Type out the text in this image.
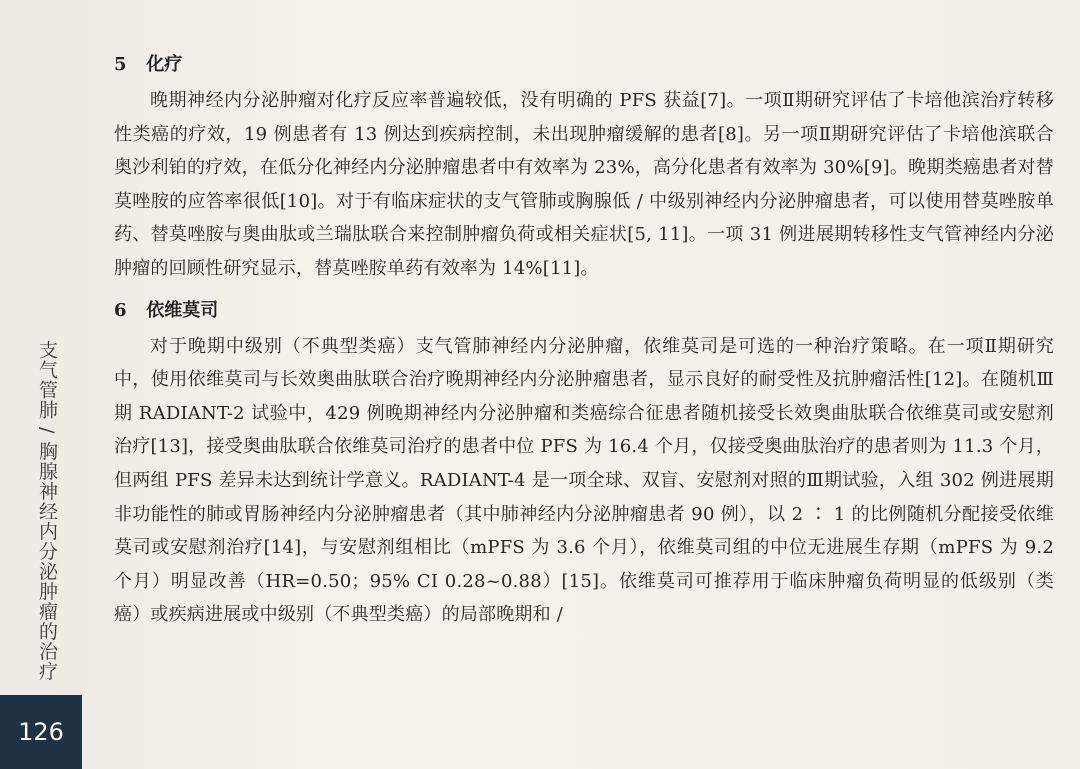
支气管肺 / 胸腺神经内分泌肿瘤的治疗
126
5 化疗

晚期神经内分泌肿瘤对化疗反应率普遍较低，没有明确的 PFS 获益[7]。一项Ⅱ期研究评估了卡培他滨治疗转移性类癌的疗效，19 例患者有 13 例达到疾病控制，未出现肿瘤缓解的患者[8]。另一项Ⅱ期研究评估了卡培他滨联合奥沙利铂的疗效，在低分化神经内分泌肿瘤患者中有效率为 23%，高分化患者有效率为 30%[9]。晚期类癌患者对替莫唑胺的应答率很低[10]。对于有临床症状的支气管肺或胸腺低 / 中级别神经内分泌肿瘤患者，可以使用替莫唑胺单药、替莫唑胺与奥曲肽或兰瑞肽联合来控制肿瘤负荷或相关症状[5, 11]。一项 31 例进展期转移性支气管神经内分泌肿瘤的回顾性研究显示，替莫唑胺单药有效率为 14%[11]。

6 依维莫司

对于晚期中级别（不典型类癌）支气管肺神经内分泌肿瘤，依维莫司是可选的一种治疗策略。在一项Ⅱ期研究中，使用依维莫司与长效奥曲肽联合治疗晚期神经内分泌肿瘤患者，显示良好的耐受性及抗肿瘤活性[12]。在随机Ⅲ期 RADIANT-2 试验中，429 例晚期神经内分泌肿瘤和类癌综合征患者随机接受长效奥曲肽联合依维莫司或安慰剂治疗[13]，接受奥曲肽联合依维莫司治疗的患者中位 PFS 为 16.4 个月，仅接受奥曲肽治疗的患者则为 11.3 个月，但两组 PFS 差异未达到统计学意义。RADIANT-4 是一项全球、双盲、安慰剂对照的Ⅲ期试验，入组 302 例进展期非功能性的肺或胃肠神经内分泌肿瘤患者（其中肺神经内分泌肿瘤患者 90 例），以 2 ∶ 1 的比例随机分配接受依维莫司或安慰剂治疗[14]，与安慰剂组相比（mPFS 为 3.6 个月），依维莫司组的中位无进展生存期（mPFS 为 9.2 个月）明显改善（HR=0.50；95% CI 0.28~0.88）[15]。依维莫司可推荐用于临床肿瘤负荷明显的低级别（类癌）或疾病进展或中级别（不典型类癌）的局部晚期和 /
